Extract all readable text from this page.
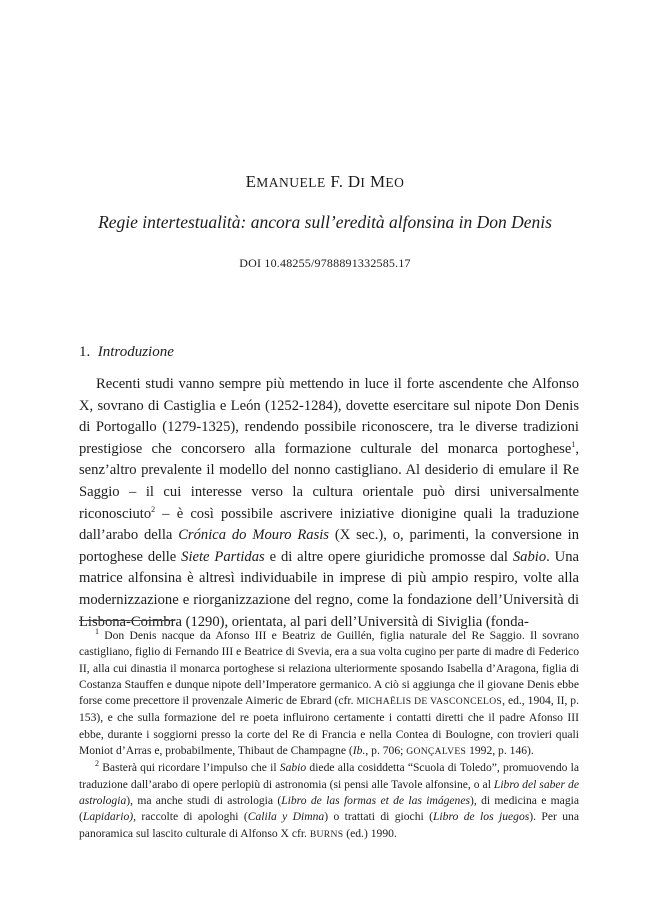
EMANUELE F. DI MEO
Regie intertestualità: ancora sull’eredità alfonsina in Don Denis
DOI 10.48255/9788891332585.17
1. Introduzione

Recenti studi vanno sempre più mettendo in luce il forte ascendente che Alfonso X, sovrano di Castiglia e León (1252-1284), dovette esercitare sul nipote Don Denis di Portogallo (1279-1325), rendendo possibile riconoscere, tra le diverse tradizioni prestigiose che concorsero alla formazione culturale del monarca portoghese$^1$, senz’altro prevalente il modello del nonno castigliano. Al desiderio di emulare il Re Saggio – il cui interesse verso la cultura orientale può dirsi universalmente riconosciuto$^2$ – è così possibile ascrivere iniziative dionigine quali la traduzione dall’arabo della Crónica do Mouro Rasis (X sec.), o, parimenti, la conversione in portoghese delle Siete Partidas e di altre opere giuridiche promosse dal Sabio. Una matrice alfonsina è altresì individuabile in imprese di più ampio respiro, volte alla modernizzazione e riorganizzazione del regno, come la fondazione dell’Università di Lisbona-Coimbra (1290), orientata, al pari dell’Università di Siviglia (fonda-

$^1$ Don Denis nacque da Afonso III e Beatriz de Guillén, figlia naturale del Re Saggio. Il sovrano castigliano, figlio di Fernando III e Beatrice di Svevia, era a sua volta cugino per parte di madre di Federico II, alla cui dinastia il monarca portoghese si relaziona ulteriormente sposando Isabella d’Aragona, figlia di Costanza Stauffen e dunque nipote dell’Imperatore germanico. A ciò si aggiunga che il giovane Denis ebbe forse come precettore il provenzale Aimeric de Ebrard (cfr. MICHAËLIS DE VASCONCELOS, ed., 1904, II, p. 153), e che sulla formazione del re poeta influirono certamente i contatti diretti che il padre Afonso III ebbe, durante i soggiorni presso la corte del Re di Francia e nella Contea di Boulogne, con trovieri quali Moniot d’Arras e, probabilmente, Thibaut de Champagne (Ib., p. 706; GONÇALVES 1992, p. 146).

$^2$ Basterà qui ricordare l’impulso che il Sabio diede alla cosiddetta “Scuola di Toledo”, promuovendo la traduzione dall’arabo di opere perlopiù di astronomia (si pensi alle Tavole alfonsine, o al Libro del saber de astrologia), ma anche studi di astrologia (Libro de las formas et de las imágenes), di medicina e magia (Lapidario), raccolte di apologhi (Calila y Dimna) o trattati di giochi (Libro de los juegos). Per una panoramica sul lascito culturale di Alfonso X cfr. BURNS (ed.) 1990.
